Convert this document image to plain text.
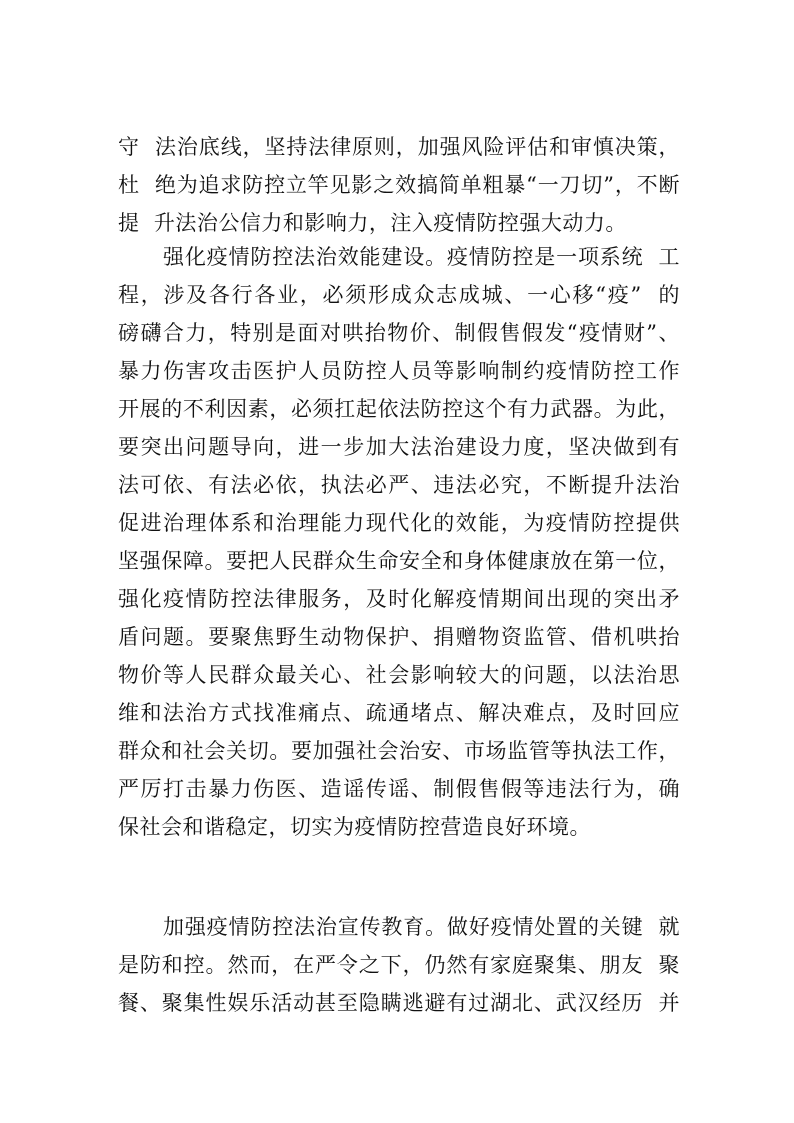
守  法治底线，坚持法律原则，加强风险评估和审慎决策，
杜  绝为追求防控立竿见影之效搞简单粗暴“一刀切”，不断
提  升法治公信力和影响力，注入疫情防控强大动力。
强化疫情防控法治效能建设。疫情防控是一项系统  工
程，涉及各行各业，必须形成众志成城、一心移“疫”  的
磅礴合力，特别是面对哄抬物价、制假售假发“疫情财”、
暴力伤害攻击医护人员防控人员等影响制约疫情防控工作
开展的不利因素，必须扛起依法防控这个有力武器。为此，
要突出问题导向，进一步加大法治建设力度，坚决做到有
法可依、有法必依，执法必严、违法必究，不断提升法治
促进治理体系和治理能力现代化的效能，为疫情防控提供
坚强保障。要把人民群众生命安全和身体健康放在第一位，
强化疫情防控法律服务，及时化解疫情期间出现的突出矛
盾问题。要聚焦野生动物保护、捐赠物资监管、借机哄抬
物价等人民群众最关心、社会影响较大的问题，以法治思
维和法治方式找准痛点、疏通堵点、解决难点，及时回应
群众和社会关切。要加强社会治安、市场监管等执法工作，
严厉打击暴力伤医、造谣传谣、制假售假等违法行为，确
保社会和谐稳定，切实为疫情防控营造良好环境。
加强疫情防控法治宣传教育。做好疫情处置的关键  就
是防和控。然而，在严令之下，仍然有家庭聚集、朋友  聚
餐、聚集性娱乐活动甚至隐瞒逃避有过湖北、武汉经历  并
